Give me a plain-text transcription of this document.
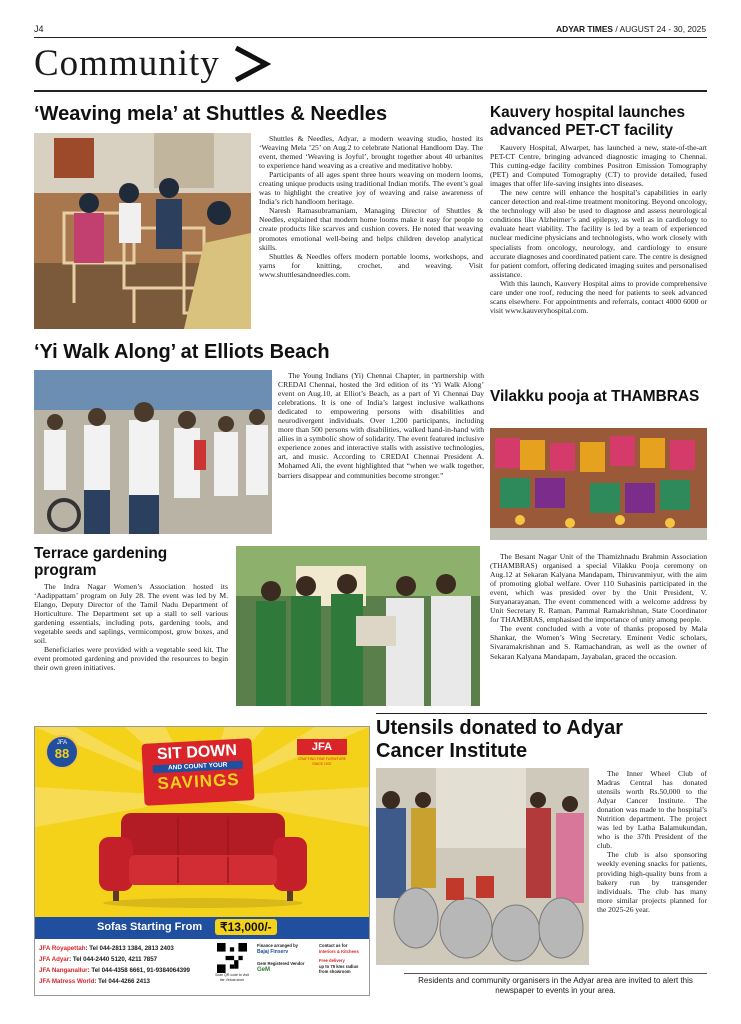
J4	ADYAR TIMES / AUGUST 24 - 30, 2025
Community
‘Weaving mela’ at Shuttles & Needles

Shuttles & Needles, Adyar, a modern weaving studio, hosted its ‘Weaving Mela ’25’ on Aug.2 to celebrate National Handloom Day. The event, themed ‘Weaving is Joyful’, brought together about 40 urbanites to experience hand weaving as a creative and meditative hobby.

Participants of all ages spent three hours weaving on modern looms, creating unique products using traditional Indian motifs. The event’s goal was to highlight the creative joy of weaving and raise awareness of India’s rich handloom heritage.

Naresh Ramasubramaniam, Managing Director of Shuttles & Needles, explained that modern home looms make it easy for people to create products like scarves and cushion covers. He noted that weaving promotes emotional well-being and helps children develop analytical skills.

Shuttles & Needles offers modern portable looms, workshops, and yarns for knitting, crochet, and weaving. Visit www.shuttlesandneedles.com.

Kauvery hospital launches advanced PET-CT facility

Kauvery Hospital, Alwarpet, has launched a new, state-of-the-art PET-CT Centre, bringing advanced diagnostic imaging to Chennai. This cutting-edge facility combines Positron Emission Tomography (PET) and Computed Tomography (CT) to provide detailed, fused images that offer life-saving insights into diseases.

The new centre will enhance the hospital’s capabilities in early cancer detection and real-time treatment monitoring. Beyond oncology, the technology will also be used to diagnose and assess neurological conditions like Alzheimer’s and epilepsy, as well as in cardiology to evaluate heart viability. The facility is led by a team of experienced nuclear medicine physicians and technologists, who work closely with specialists from oncology, neurology, and cardiology to ensure accurate diagnoses and coordinated patient care. The centre is designed for patient comfort, offering dedicated imaging suites and personalised assistance.

With this launch, Kauvery Hospital aims to provide comprehensive care under one roof, reducing the need for patients to seek advanced scans elsewhere. For appointments and referrals, contact 4000 6000 or visit www.kauveryhospital.com.

‘Yi Walk Along’ at Elliots Beach

The Young Indians (Yi) Chennai Chapter, in partnership with CREDAI Chennai, hosted the 3rd edition of its ‘Yi Walk Along’ event on Aug.10, at Elliot’s Beach, as a part of Yi Chennai Day celebrations. It is one of India’s largest inclusive walkathons dedicated to empowering persons with disabilities and neurodivergent individuals. Over 1,200 participants, including more than 500 persons with disabilities, walked hand-in-hand with allies in a symbolic show of solidarity. The event featured inclusive experience zones and interactive stalls with assistive technologies, art, and music. According to CREDAI Chennai President A. Mohamed Ali, the event highlighted that “when we walk together, barriers disappear and communities become stronger.”

Vilakku pooja at THAMBRAS

The Besant Nagar Unit of the Thamizhnadu Brahmin Association (THAMBRAS) organised a special Vilakku Pooja ceremony on Aug.12 at Sekaran Kalyana Mandapam, Thiruvanmiyur, with the aim of promoting global welfare. Over 110 Suhasinis participated in the event, which was presided over by the Unit President, V. Suryanarayanan. The event commenced with a welcome address by Unit Secretary R. Raman. Pammal Ramakrishnan, State Coordinator for THAMBRAS, emphasised the importance of unity among people.

The event concluded with a vote of thanks proposed by Mala Shankar, the Women’s Wing Secretary. Eminent Vedic scholars, Sivaramakrishnan and S. Ramachandran, as well as the owner of Sekaran Kalyana Mandapam, Jayabalan, graced the occasion.

Terrace gardening program

The Indra Nagar Women’s Association hosted its ‘Aadippattam’ program on July 28. The event was led by M. Elango, Deputy Director of the Tamil Nadu Department of Horticulture. The Department set up a stall to sell various gardening essentials, including pots, gardening tools, and vegetable seeds and saplings, vermicompost, grow boxes, and soil.

Beneficiaries were provided with a vegetable seed kit. The event promoted gardening and provided the resources to begin their own green initiatives.

Utensils donated to Adyar Cancer Institute

The Inner Wheel Club of Madras Central has donated utensils worth Rs.50,000 to the Adyar Cancer Institute. The donation was made to the hospital’s Nutrition department. The project was led by Latha Balamukundan, who is the 37th President of the club.

The club is also sponsoring weekly evening snacks for patients, providing high-quality buns from a bakery run by transgender individuals. The club has many more similar projects planned for the 2025-26 year.

Residents and community organisers in the Adyar area are invited to alert this newspaper to events in your area.
JFA
88	SIT DOWN
AND COUNT YOUR
SAVINGS
JFA
CRAFTING FINE FURNITURE SINCE 1937
Sofas Starting From	₹13,000/-
JFA Royapettah: Tel 044-2813 1384, 2813 2403
JFA Adyar: Tel 044-2440 5120, 4211 7857
JFA Nanganallur: Tel 044-4358 6661, 91-9384064399
JFA Matress World: Tel 044-4266 2413
Scan QR code to visit the Virtual store
Finance arranged by
Bajaj Finserv
Gem Registered Vendor
GeM
Contact us for
Interiors & Kitchens
Free delivery
up to 75 kms radius from showroom
